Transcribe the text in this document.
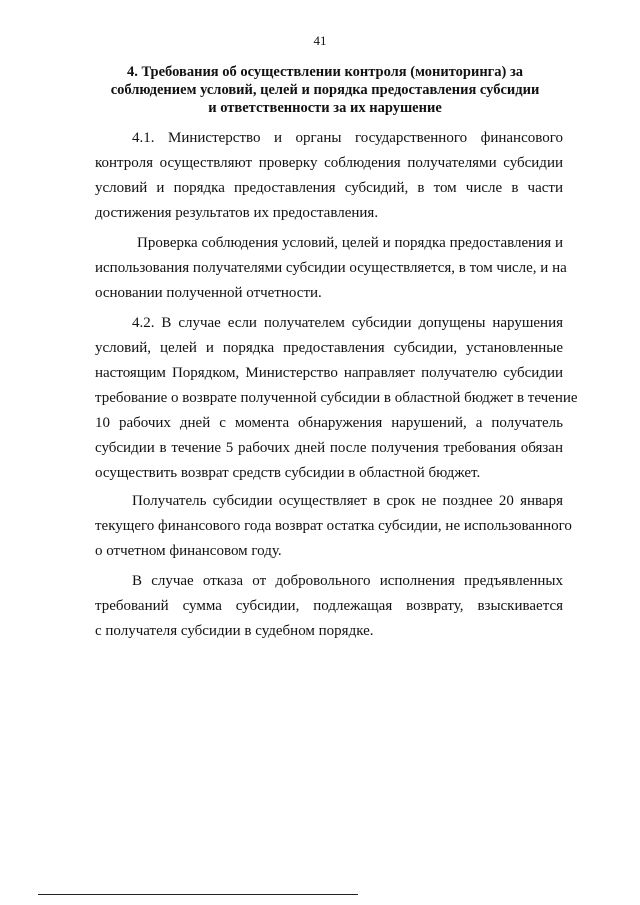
41
4. Требования об осуществлении контроля (мониторинга) за
соблюдением условий, целей и порядка предоставления субсидии
и ответственности за их нарушение
4.1. Министерство и органы государственного финансового
контроля осуществляют проверку соблюдения получателями субсидии
условий и порядка предоставления субсидий, в том числе в части
достижения результатов их предоставления.
Проверка соблюдения условий, целей и порядка предоставления и
использования получателями субсидии осуществляется, в том числе, и на
основании полученной отчетности.
4.2. В случае если получателем субсидии допущены нарушения
условий, целей и порядка предоставления субсидии, установленные
настоящим Порядком, Министерство направляет получателю субсидии
требование о возврате полученной субсидии в областной бюджет в течение
10 рабочих дней с момента обнаружения нарушений, а получатель
субсидии в течение 5 рабочих дней после получения требования обязан
осуществить возврат средств субсидии в областной бюджет.
Получатель субсидии осуществляет в срок не позднее 20 января
текущего финансового года возврат остатка субсидии, не использованного
о отчетном финансовом году.
В случае отказа от добровольного исполнения предъявленных
требований сумма субсидии, подлежащая возврату, взыскивается
с получателя субсидии в судебном порядке.
